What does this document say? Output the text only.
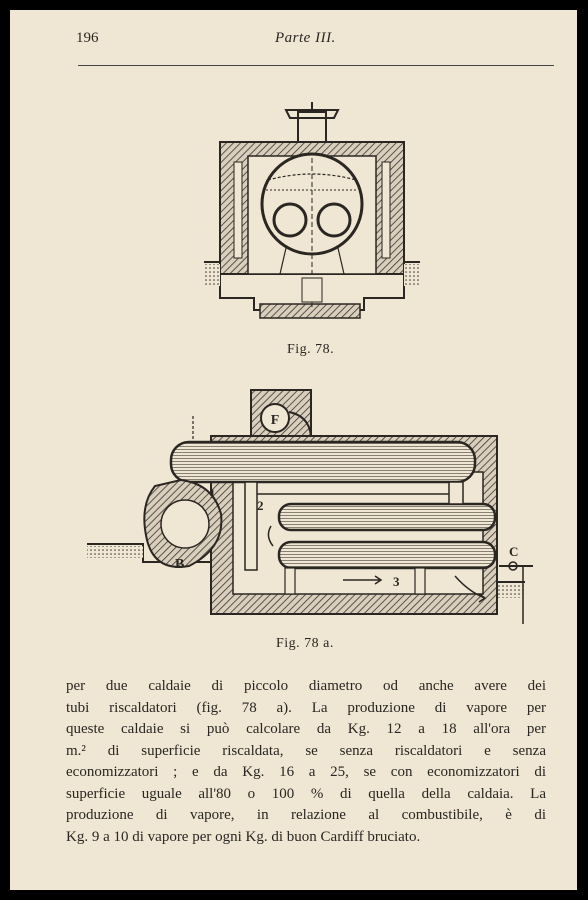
196	Parte III.
Fig. 78.
F
B
1
2
3
C
Fig. 78 a.
per due caldaie di piccolo diametro od anche avere dei
tubi riscaldatori (fig. 78 a). La produzione di vapore per
queste caldaie si può calcolare da Kg. 12 a 18 all'ora per
m.² di superficie riscaldata, se senza riscaldatori e senza
economizzatori ; e da Kg. 16 a 25, se con economizzatori di
superficie uguale all'80 o 100 % di quella della caldaia. La
produzione di vapore, in relazione al combustibile, è di
Kg. 9 a 10 di vapore per ogni Kg. di buon Cardiff bruciato.
